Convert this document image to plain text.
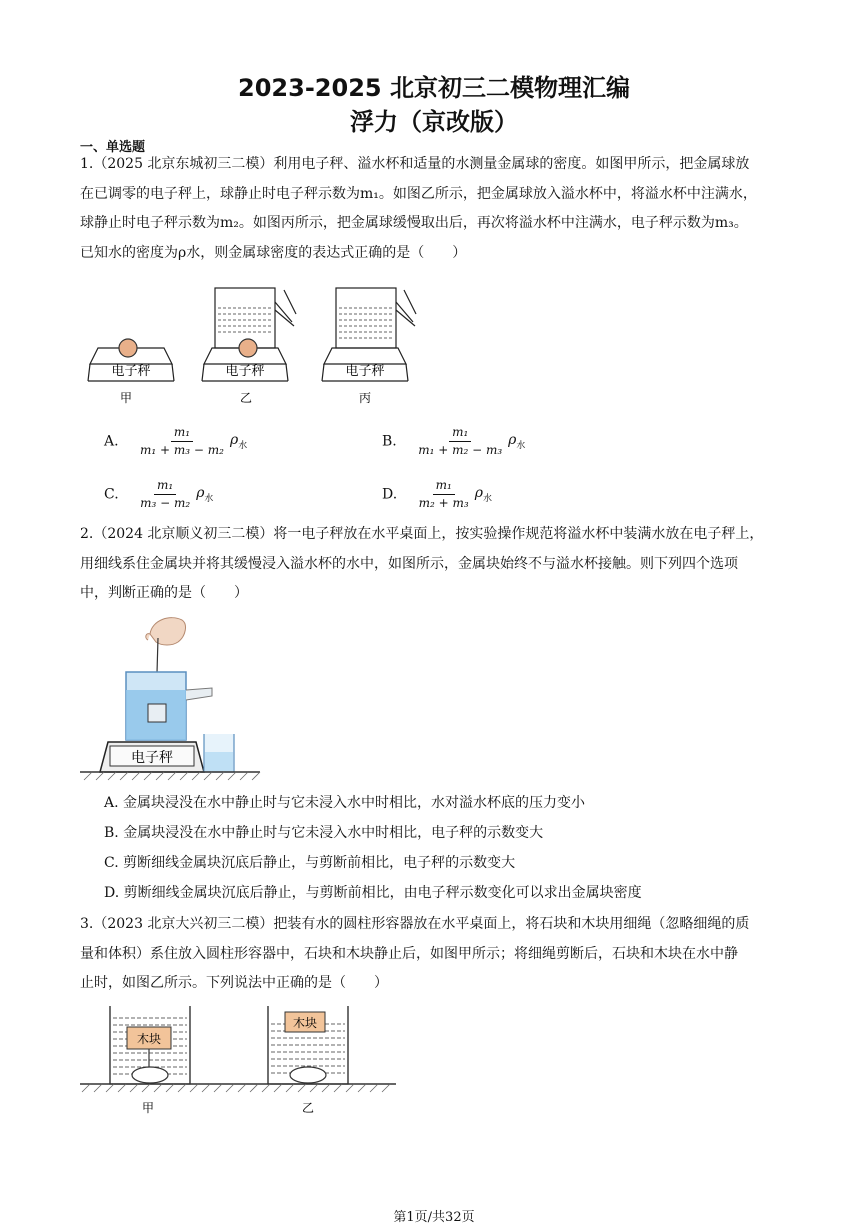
2023-2025 北京初三二模物理汇编
浮力（京改版）
一、单选题
1.（2025 北京东城初三二模）利用电子秤、溢水杯和适量的水测量金属球的密度。如图甲所示，把金属球放
在已调零的电子秤上，球静止时电子秤示数为m₁。如图乙所示，把金属球放入溢水杯中，将溢水杯中注满水，
球静止时电子秤示数为m₂。如图丙所示，把金属球缓慢取出后，再次将溢水杯中注满水，电子秤示数为m₃。
已知水的密度为ρ水，则金属球密度的表达式正确的是（　　）
电子秤	电子秤	电子秤
甲	乙	丙
A. $\frac{\text{m₁}}{\text{m₁ + m₃ − m₂}} \rho_水$	B. $\frac{\text{m₁}}{\text{m₁ + m₂ − m₃}} \rho_水$
C. $\frac{\text{m₁}}{\text{m₃ − m₂}} \rho_水$	D. $\frac{\text{m₁}}{\text{m₂ + m₃}} \rho_水$
2.（2024 北京顺义初三二模）将一电子秤放在水平桌面上，按实验操作规范将溢水杯中装满水放在电子秤上，
用细线系住金属块并将其缓慢浸入溢水杯的水中，如图所示，金属块始终不与溢水杯接触。则下列四个选项
中，判断正确的是（　　）
电子秤
A. 金属块浸没在水中静止时与它未浸入水中时相比，水对溢水杯底的压力变小
B. 金属块浸没在水中静止时与它未浸入水中时相比，电子秤的示数变大
C. 剪断细线金属块沉底后静止，与剪断前相比，电子秤的示数变大
D. 剪断细线金属块沉底后静止，与剪断前相比，由电子秤示数变化可以求出金属块密度
3.（2023 北京大兴初三二模）把装有水的圆柱形容器放在水平桌面上，将石块和木块用细绳（忽略细绳的质
量和体积）系住放入圆柱形容器中，石块和木块静止后，如图甲所示；将细绳剪断后，石块和木块在水中静
止时，如图乙所示。下列说法中正确的是（　　）
木块
木块
甲	乙
第1页/共32页
